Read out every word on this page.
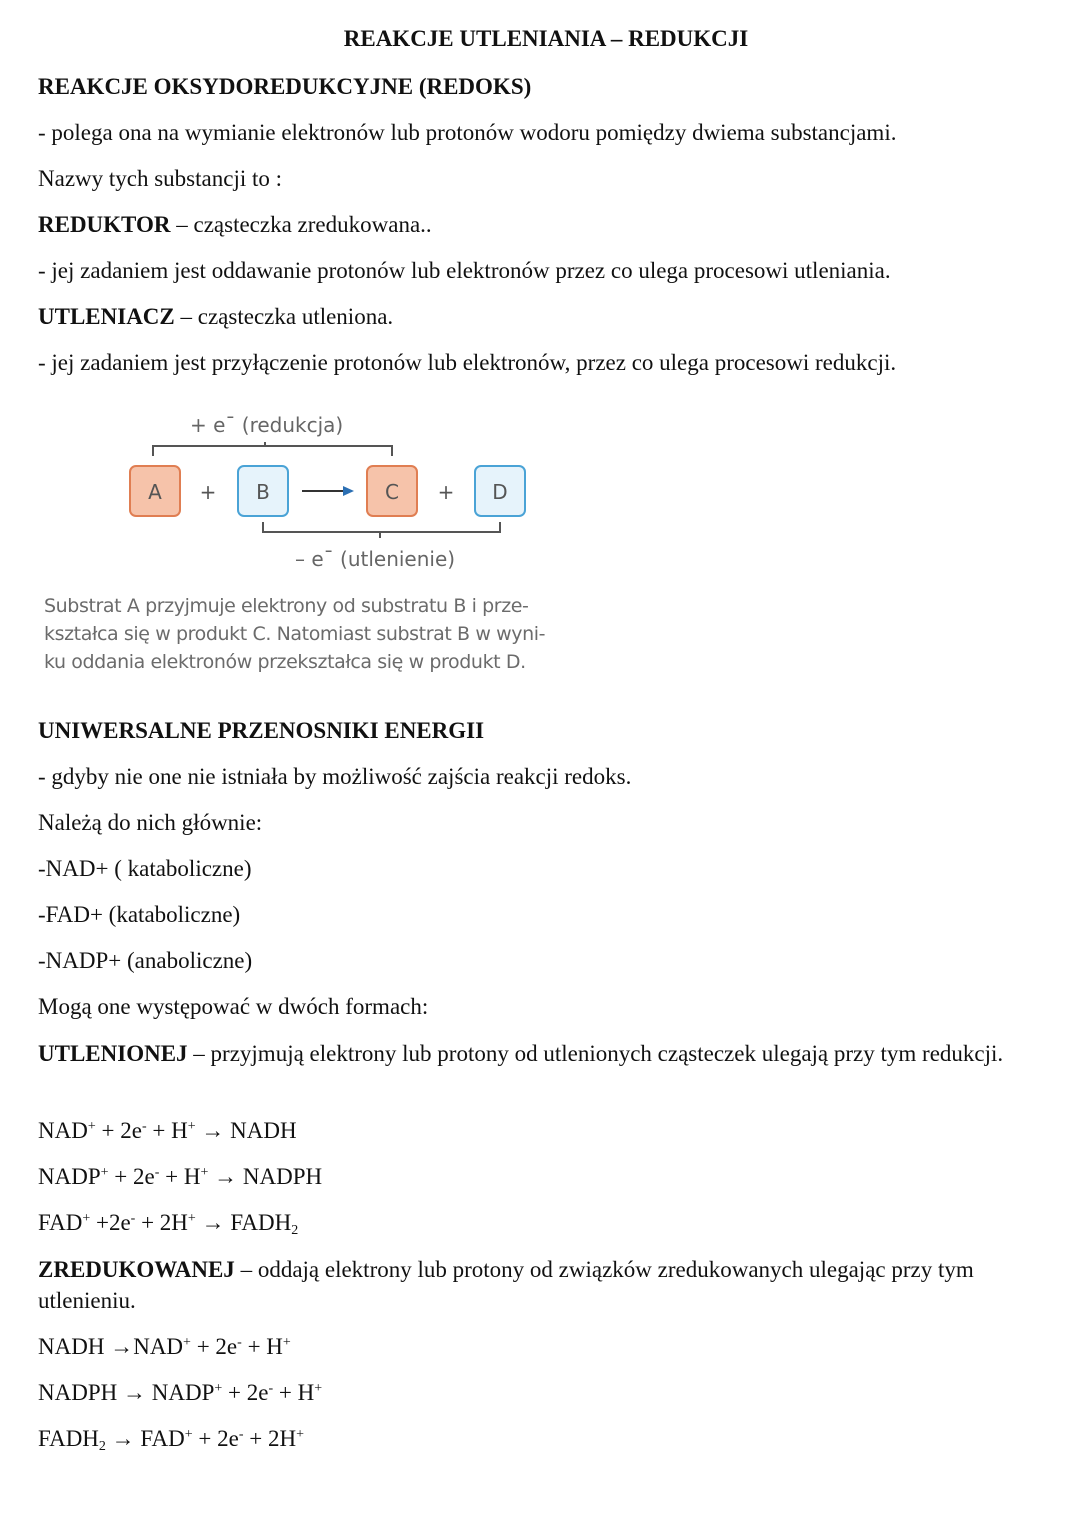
REAKCJE UTLENIANIA – REDUKCJI
REAKCJE OKSYDOREDUKCYJNE (REDOKS)
- polega ona na wymianie elektronów lub protonów wodoru pomiędzy dwiema substancjami.
Nazwy tych substancji to :
REDUKTOR – cząsteczka zredukowana..
- jej zadaniem jest oddawanie protonów lub elektronów przez co ulega procesowi utleniania.
UTLENIACZ – cząsteczka utleniona.
- jej zadaniem jest przyłączenie protonów lub elektronów, przez co ulega procesowi redukcji.
+ e¯ (redukcja)
A + B	C + D
– e¯ (utlenienie)
Substrat A przyjmuje elektrony od substratu B i prze-
kształca się w produkt C. Natomiast substrat B w wyni-
ku oddania elektronów przekształca się w produkt D.
UNIWERSALNE PRZENOSNIKI ENERGII
- gdyby nie one nie istniała by możliwość zajścia reakcji redoks.
Należą do nich głównie:
-NAD+ ( kataboliczne)
-FAD+ (kataboliczne)
-NADP+ (anaboliczne)
Mogą one występować w dwóch formach:
UTLENIONEJ – przyjmują elektrony lub protony od utlenionych cząsteczek ulegają przy tym redukcji.
NAD+ + 2e- + H+ → NADH
NADP+ + 2e- + H+ → NADPH
$FAD^+ +2e^- + 2H^+ \to FADH_2$
ZREDUKOWANEJ – oddają elektrony lub protony od związków zredukowanych ulegając przy tym utlenieniu.
NADH →NAD+ + 2e- + H+
NADPH → NADP+ + 2e- + H+
$FADH_2 \to FAD^+ + 2e^- + 2H^+$
